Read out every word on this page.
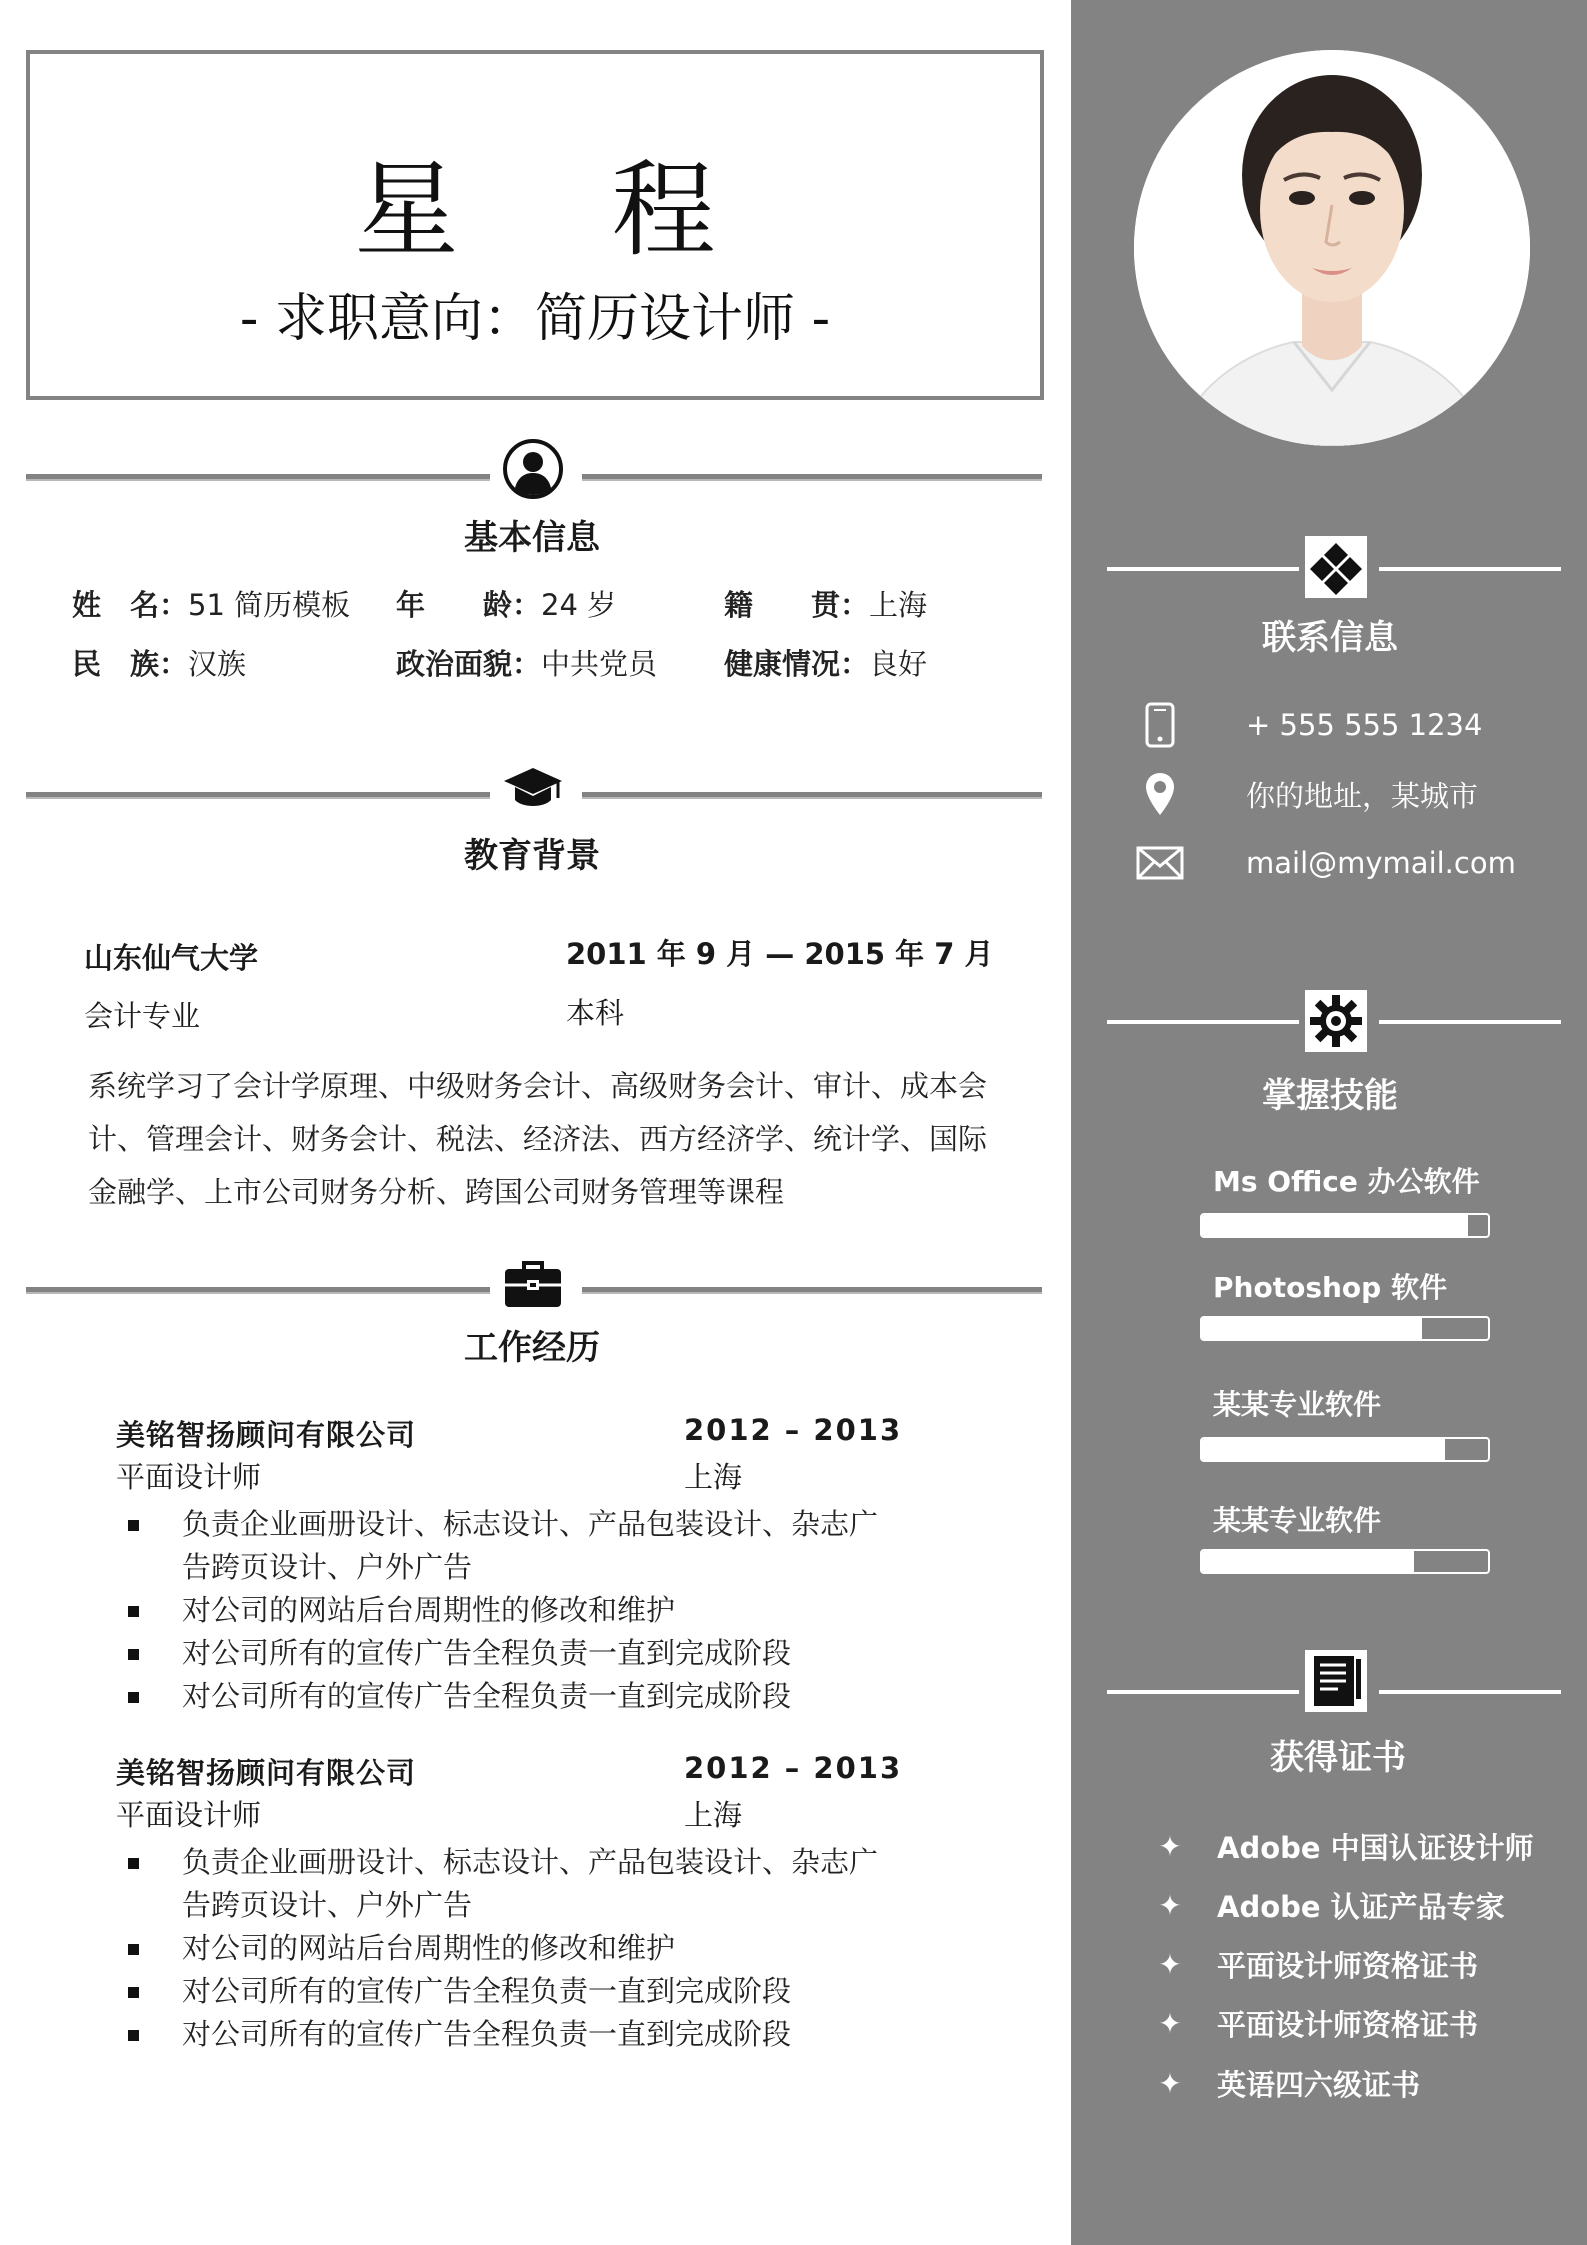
联系信息
+ 555 555 1234
你的地址，某城市
mail@mymail.com
掌握技能
Ms Office 办公软件
Photoshop 软件
某某专业软件
某某专业软件
获得证书
✦ Adobe 中国认证设计师
✦ Adobe 认证产品专家
✦ 平面设计师资格证书
✦ 平面设计师资格证书
✦ 英语四六级证书
星 程
- 求职意向：简历设计师 -
基本信息
姓　名：51 简历模板 年　　龄：24 岁	籍　　贯：上海
民　族：汉族	政治面貌：中共党员 健康情况：良好
教育背景
山东仙气大学	2011 年 9 月 — 2015 年 7 月
会计专业	本科
系统学习了会计学原理、中级财务会计、高级财务会计、审计、成本会计、管理会计、财务会计、税法、经济法、西方经济学、统计学、国际金融学、上市公司财务分析、跨国公司财务管理等课程
工作经历
美铭智扬顾问有限公司	2012 – 2013
平面设计师	上海
负责企业画册设计、标志设计、产品包装设计、杂志广告跨页设计、户外广告
对公司的网站后台周期性的修改和维护
对公司所有的宣传广告全程负责一直到完成阶段
对公司所有的宣传广告全程负责一直到完成阶段
美铭智扬顾问有限公司	2012 – 2013
平面设计师	上海
负责企业画册设计、标志设计、产品包装设计、杂志广告跨页设计、户外广告
对公司的网站后台周期性的修改和维护
对公司所有的宣传广告全程负责一直到完成阶段
对公司所有的宣传广告全程负责一直到完成阶段
